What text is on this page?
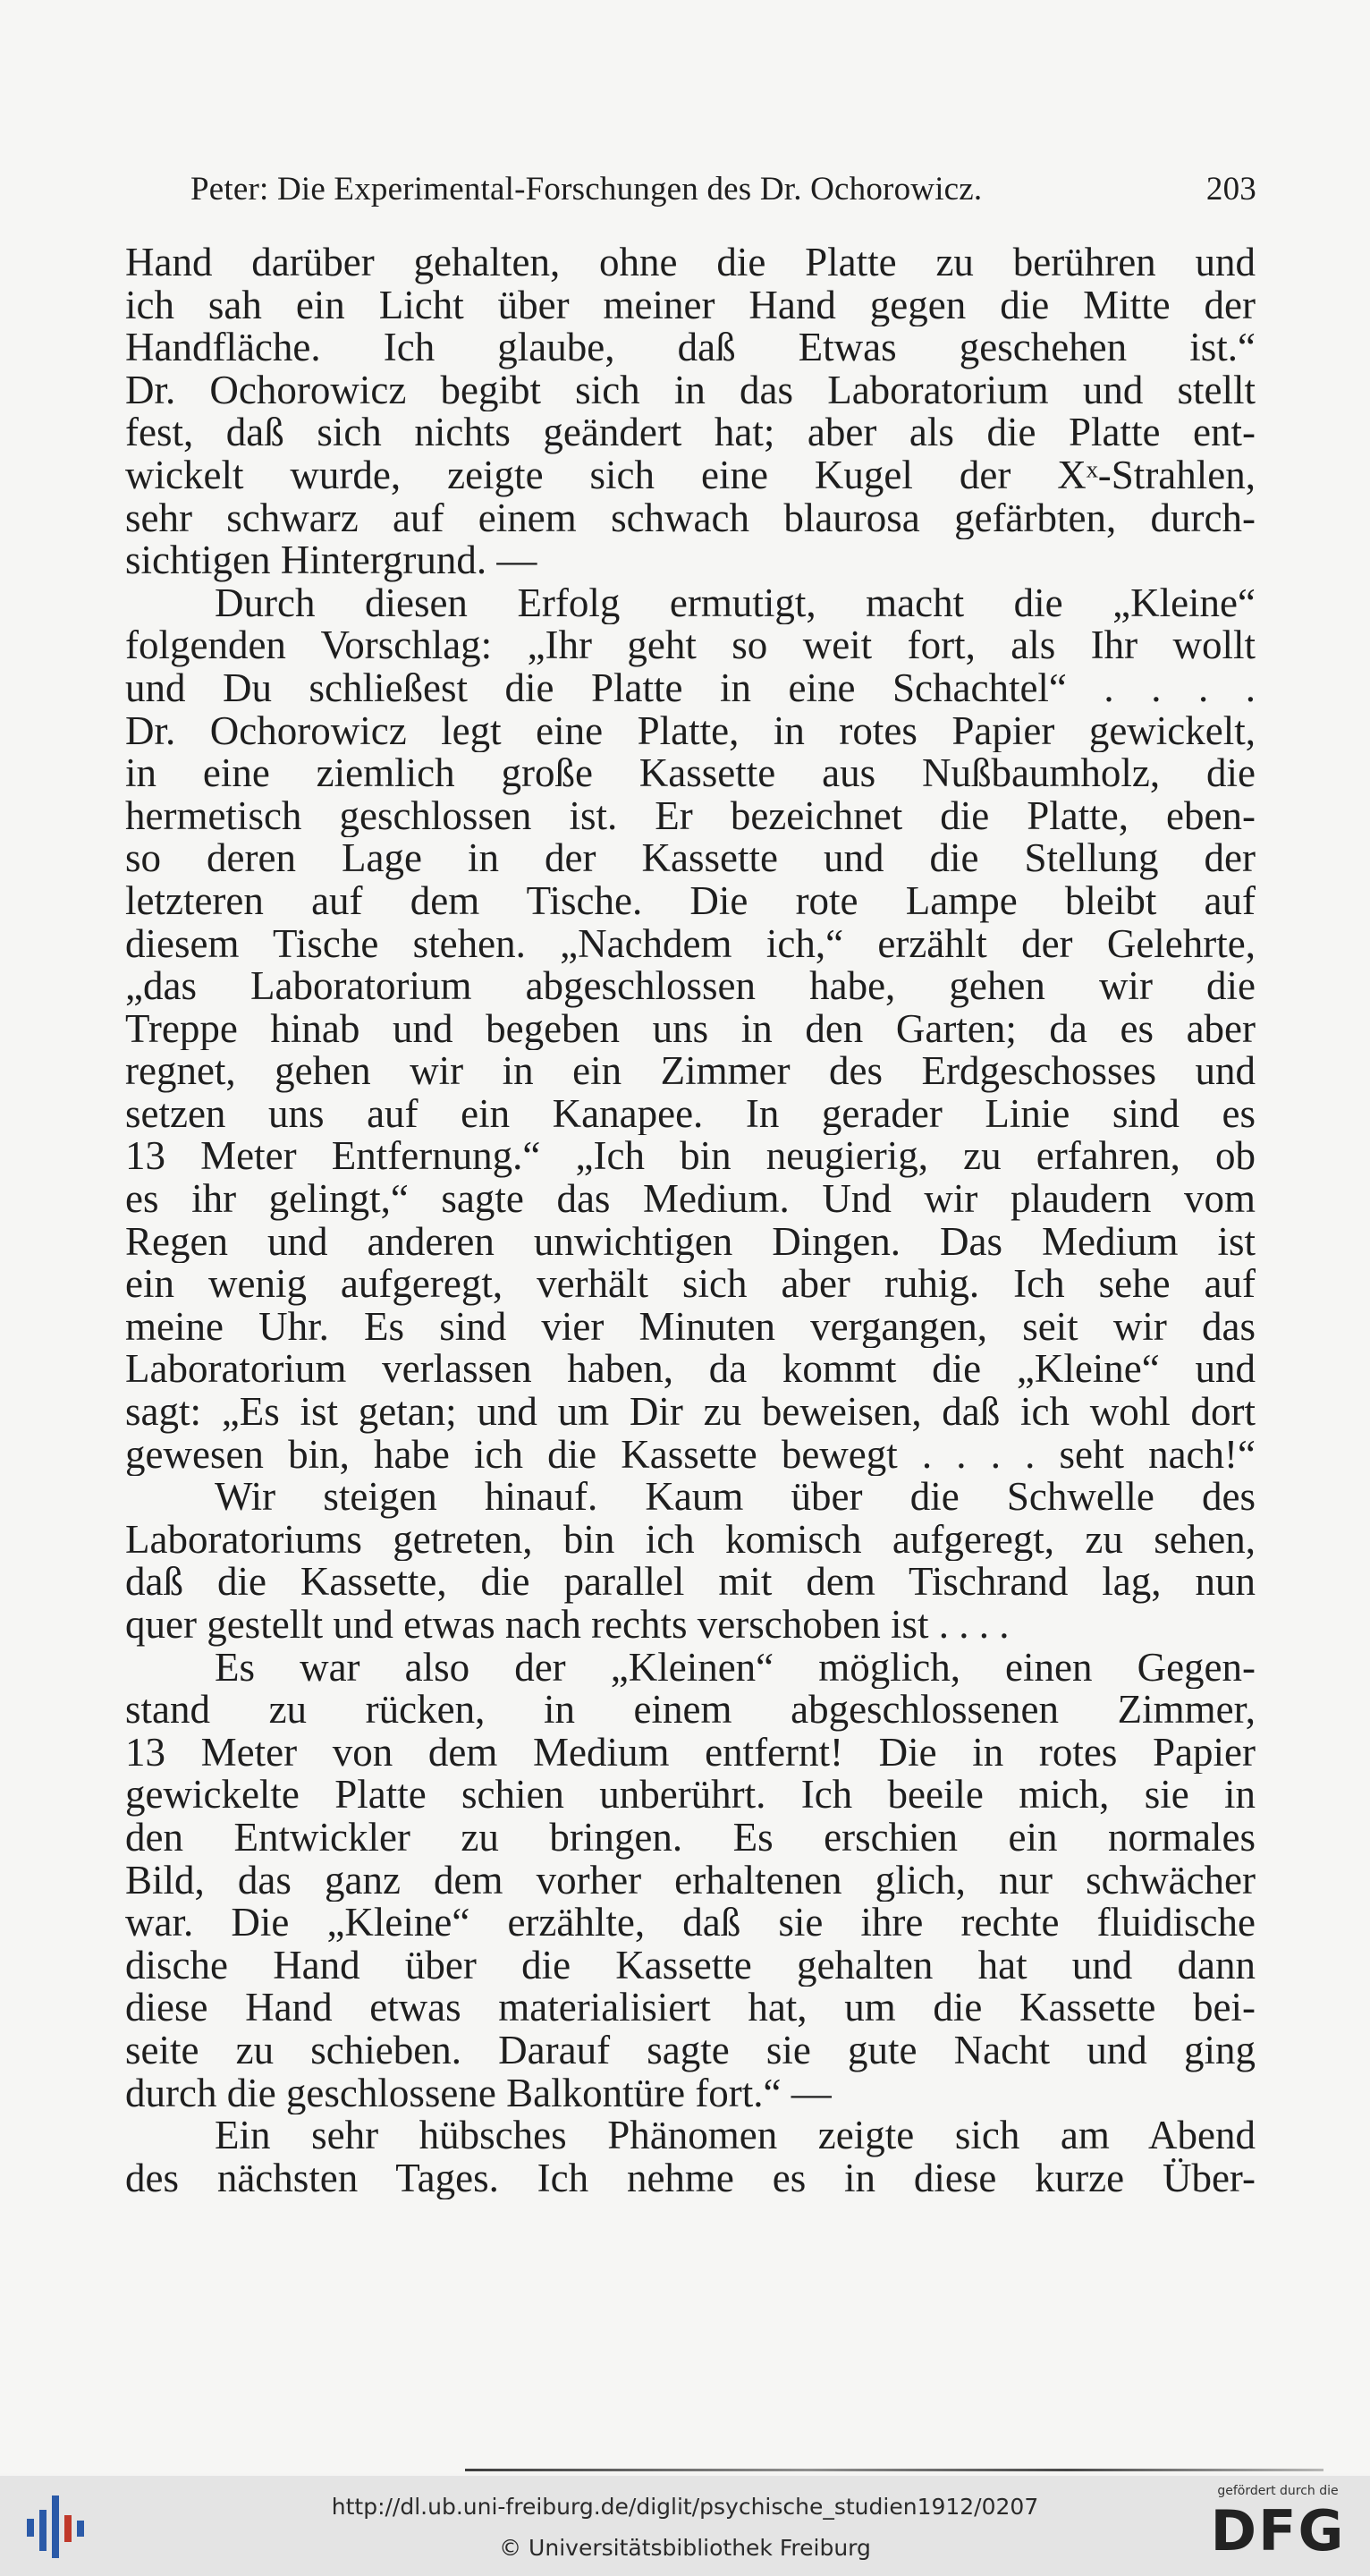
Peter: Die Experimental-Forschungen des Dr. Ochorowicz.	203
Hand darüber gehalten, ohne die Platte zu berühren und
ich sah ein Licht über meiner Hand gegen die Mitte der
Handfläche. Ich glaube, daß Etwas geschehen ist.“
Dr. Ochorowicz begibt sich in das Laboratorium und stellt
fest, daß sich nichts geändert hat; aber als die Platte ent-
wickelt wurde, zeigte sich eine Kugel der Xˣ-Strahlen,
sehr schwarz auf einem schwach blaurosa gefärbten, durch-
sichtigen Hintergrund. —
Durch diesen Erfolg ermutigt, macht die „Kleine“
folgenden Vorschlag: „Ihr geht so weit fort, als Ihr wollt
und Du schließest die Platte in eine Schachtel“ . . . .
Dr. Ochorowicz legt eine Platte, in rotes Papier gewickelt,
in eine ziemlich große Kassette aus Nußbaumholz, die
hermetisch geschlossen ist. Er bezeichnet die Platte, eben-
so deren Lage in der Kassette und die Stellung der
letzteren auf dem Tische. Die rote Lampe bleibt auf
diesem Tische stehen. „Nachdem ich,“ erzählt der Gelehrte,
„das Laboratorium abgeschlossen habe, gehen wir die
Treppe hinab und begeben uns in den Garten; da es aber
regnet, gehen wir in ein Zimmer des Erdgeschosses und
setzen uns auf ein Kanapee. In gerader Linie sind es
13 Meter Entfernung.“ „Ich bin neugierig, zu erfahren, ob
es ihr gelingt,“ sagte das Medium. Und wir plaudern vom
Regen und anderen unwichtigen Dingen. Das Medium ist
ein wenig aufgeregt, verhält sich aber ruhig. Ich sehe auf
meine Uhr. Es sind vier Minuten vergangen, seit wir das
Laboratorium verlassen haben, da kommt die „Kleine“ und
sagt: „Es ist getan; und um Dir zu beweisen, daß ich wohl dort
gewesen bin, habe ich die Kassette bewegt . . . . seht nach!“
Wir steigen hinauf. Kaum über die Schwelle des
Laboratoriums getreten, bin ich komisch aufgeregt, zu sehen,
daß die Kassette, die parallel mit dem Tischrand lag, nun
quer gestellt und etwas nach rechts verschoben ist . . . .
Es war also der „Kleinen“ möglich, einen Gegen-
stand zu rücken, in einem abgeschlossenen Zimmer,
13 Meter von dem Medium entfernt! Die in rotes Papier
gewickelte Platte schien unberührt. Ich beeile mich, sie in
den Entwickler zu bringen. Es erschien ein normales
Bild, das ganz dem vorher erhaltenen glich, nur schwächer
war. Die „Kleine“ erzählte, daß sie ihre rechte fluidische
dische Hand über die Kassette gehalten hat und dann
diese Hand etwas materialisiert hat, um die Kassette bei-
seite zu schieben. Darauf sagte sie gute Nacht und ging
durch die geschlossene Balkontüre fort.“ —
Ein sehr hübsches Phänomen zeigte sich am Abend
des nächsten Tages. Ich nehme es in diese kurze Über-
http://dl.ub.uni-freiburg.de/diglit/psychische_studien1912/0207
© Universitätsbibliothek Freiburg
gefördert durch die
DFG
